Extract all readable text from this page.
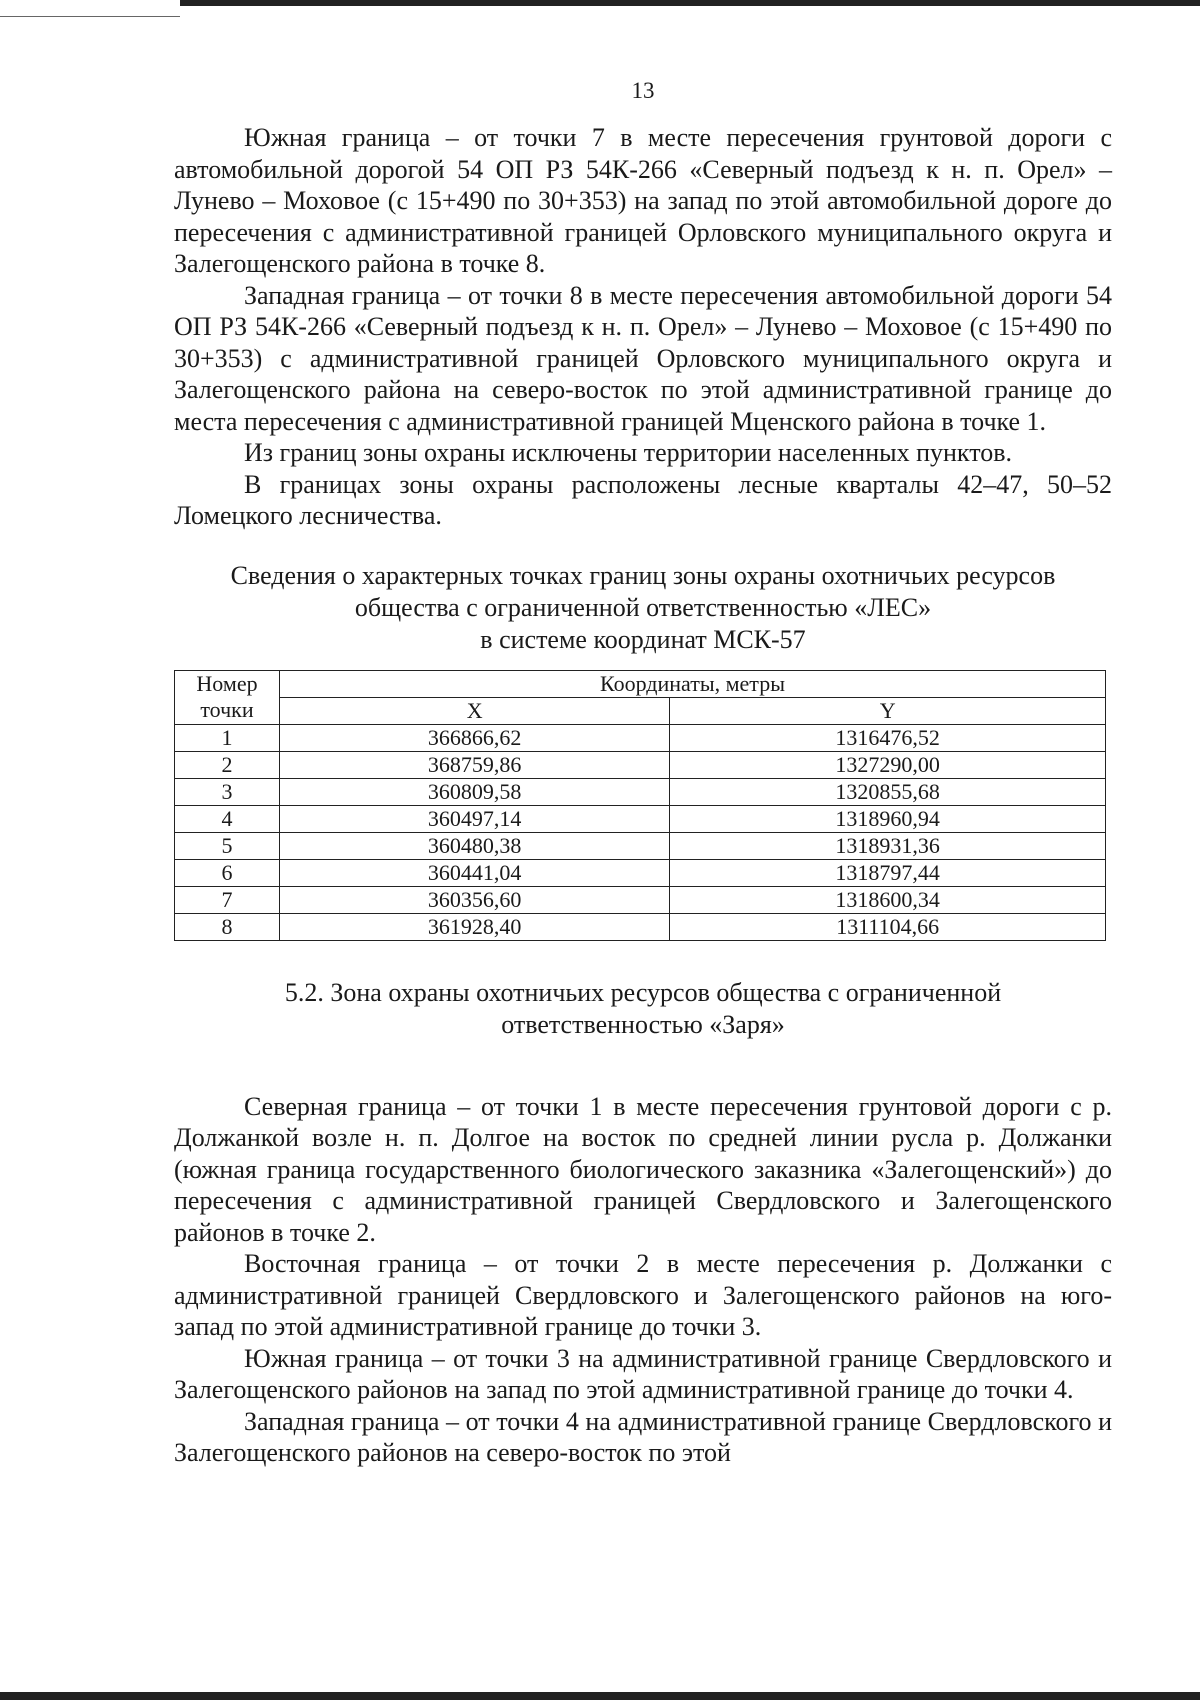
13

Южная граница – от точки 7 в месте пересечения грунтовой дороги с автомобильной дорогой 54 ОП РЗ 54К-266 «Северный подъезд к н. п. Орел» – Лунево – Моховое (с 15+490 по 30+353) на запад по этой автомобильной дороге до пересечения с административной границей Орловского муниципального округа и Залегощенского района в точке 8.

Западная граница – от точки 8 в месте пересечения автомобильной дороги 54 ОП РЗ 54К-266 «Северный подъезд к н. п. Орел» – Лунево – Моховое (с 15+490 по 30+353) с административной границей Орловского муниципального округа и Залегощенского района на северо-восток по этой административной границе до места пересечения с административной границей Мценского района в точке 1.

Из границ зоны охраны исключены территории населенных пунктов.

В границах зоны охраны расположены лесные кварталы 42–47, 50–52 Ломецкого лесничества.

Сведения о характерных точках границ зоны охраны охотничьих ресурсов
общества с ограниченной ответственностью «ЛЕС»
в системе координат МСК-57
Номер точки	Координаты, метры	
	X	Y
1	366866,62	1316476,52
2	368759,86	1327290,00
3	360809,58	1320855,68
4	360497,14	1318960,94
5	360480,38	1318931,36
6	360441,04	1318797,44
7	360356,60	1318600,34
8	361928,40	1311104,66
5.2. Зона охраны охотничьих ресурсов общества с ограниченной
ответственностью «Заря»

Северная граница – от точки 1 в месте пересечения грунтовой дороги с р. Должанкой возле н. п. Долгое на восток по средней линии русла р. Должанки (южная граница государственного биологического заказника «Залегощенский») до пересечения с административной границей Свердловского и Залегощенского районов в точке 2.

Восточная граница – от точки 2 в месте пересечения р. Должанки с административной границей Свердловского и Залегощенского районов на юго-запад по этой административной границе до точки 3.

Южная граница – от точки 3 на административной границе Свердловского и Залегощенского районов на запад по этой административной границе до точки 4.

Западная граница – от точки 4 на административной границе Свердловского и Залегощенского районов на северо-восток по этой
